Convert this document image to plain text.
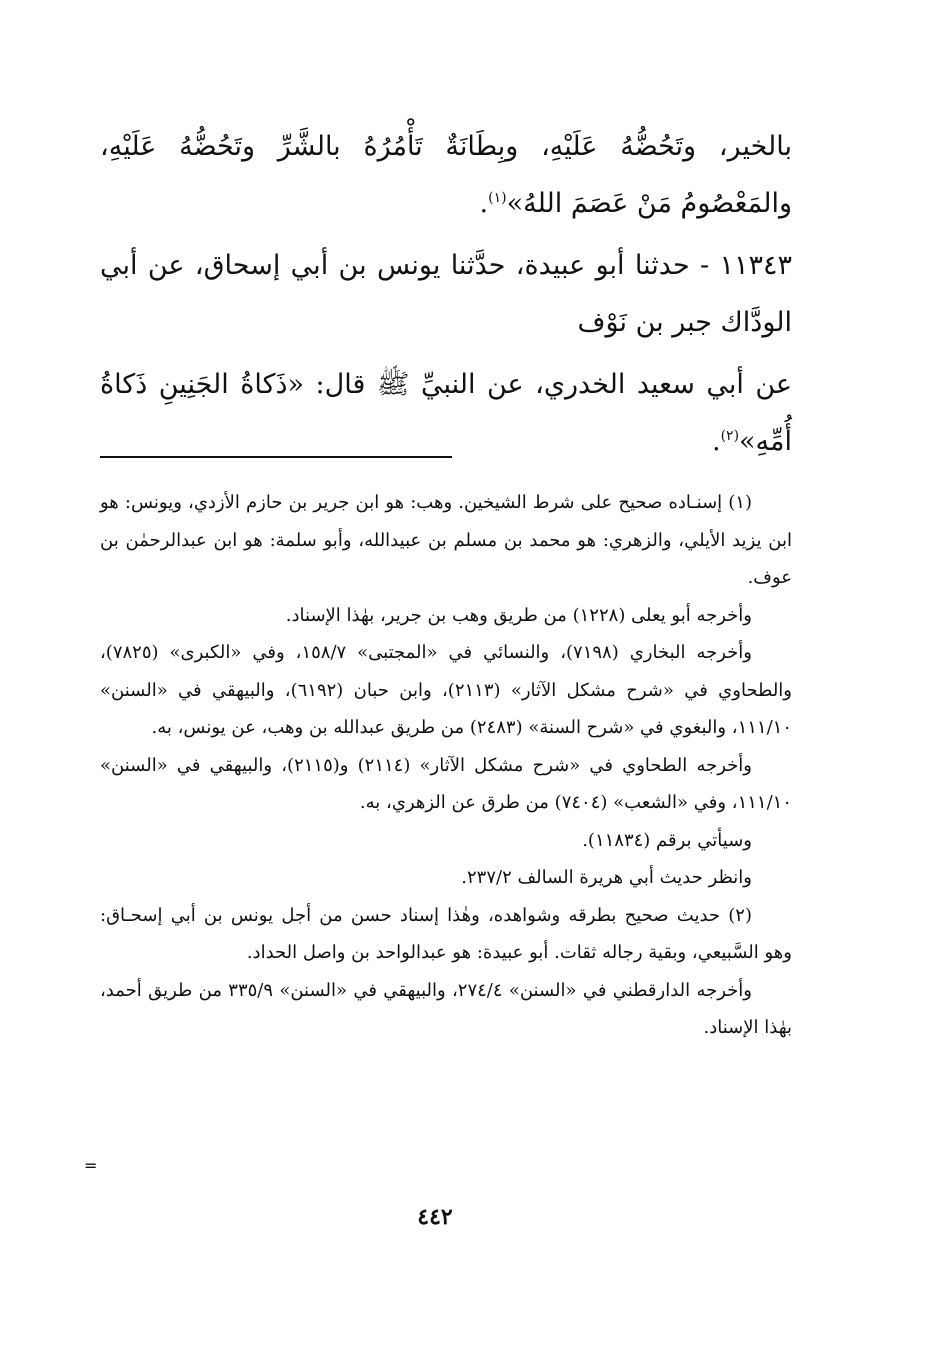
بالخير، وتَحُضُّهُ عَلَيْهِ، وبِطَانَةٌ تَأْمُرُهُ بالشَّرِّ وتَحُضُّهُ عَلَيْهِ، والمَعْصُومُ مَنْ عَصَمَ اللهُ»$^{(١)}$.

١١٣٤٣ - حدثنا أبو عبيدة، حدَّثنا يونس بن أبي إسحاق، عن أبي الودَّاك جبر بن نَوْف

عن أبي سعيد الخدري، عن النبيِّ ﷺ قال: «ذَكاةُ الجَنِينِ ذَكاةُ أُمِّهِ»$^{(٢)}$.

(١) إسنـاده صحيح على شرط الشيخين. وهب: هو ابن جرير بن حازم الأزدي، ويونس: هو ابن يزيد الأيلي، والزهري: هو محمد بن مسلم بن عبيدالله، وأبو سلمة: هو ابن عبدالرحمٰن بن عوف.

وأخرجه أبو يعلى (١٢٢٨) من طريق وهب بن جرير، بهٰذا الإسناد.

وأخرجه البخاري (٧١٩٨)، والنسائي في «المجتبى» ١٥٨/٧، وفي «الكبرى» (٧٨٢٥)، والطحاوي في «شرح مشكل الآثار» (٢١١٣)، وابن حبان (٦١٩٢)، والبيهقي في «السنن» ١١١/١٠، والبغوي في «شرح السنة» (٢٤٨٣) من طريق عبدالله بن وهب، عن يونس، به.

وأخرجه الطحاوي في «شرح مشكل الآثار» (٢١١٤) و(٢١١٥)، والبيهقي في «السنن» ١١١/١٠، وفي «الشعب» (٧٤٠٤) من طرق عن الزهري، به.

وسيأتي برقم (١١٨٣٤).

وانظر حديث أبي هريرة السالف ٢٣٧/٢.

(٢) حديث صحيح بطرقه وشواهده، وهٰذا إسناد حسن من أجل يونس بن أبي إسحـاق: وهو السَّبيعي، وبقية رجاله ثقات. أبو عبيدة: هو عبدالواحد بن واصل الحداد.

وأخرجه الدارقطني في «السنن» ٢٧٤/٤، والبيهقي في «السنن» ٣٣٥/٩ من طريق أحمد، بهٰذا الإسناد.

=
٤٤٢
